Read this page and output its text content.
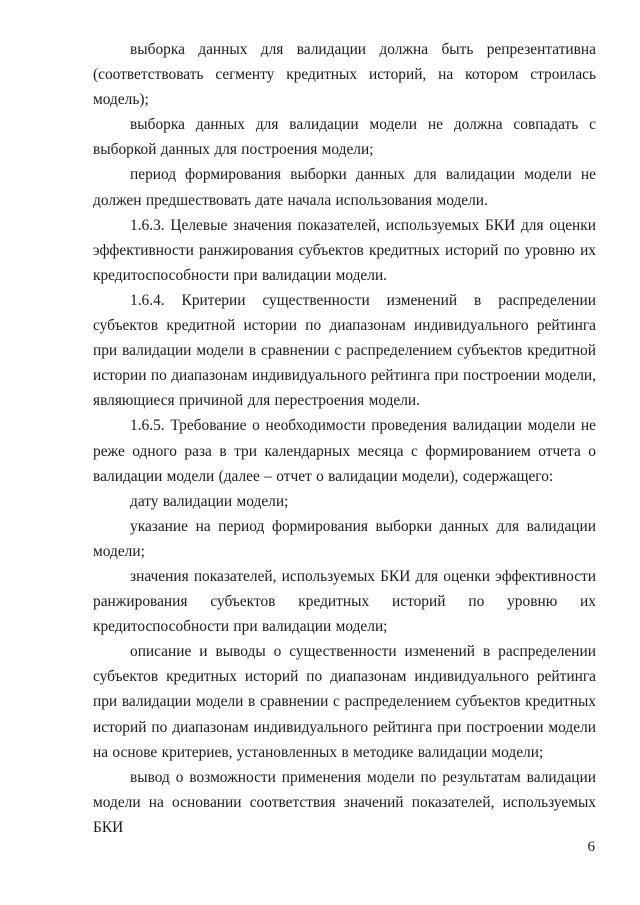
выборка данных для валидации должна быть репрезентативна (соответствовать сегменту кредитных историй, на котором строилась модель);

выборка данных для валидации модели не должна совпадать с выборкой данных для построения модели;

период формирования выборки данных для валидации модели не должен предшествовать дате начала использования модели.

1.6.3. Целевые значения показателей, используемых БКИ для оценки эффективности ранжирования субъектов кредитных историй по уровню их кредитоспособности при валидации модели.

1.6.4. Критерии существенности изменений в распределении субъектов кредитной истории по диапазонам индивидуального рейтинга при валидации модели в сравнении с распределением субъектов кредитной истории по диапазонам индивидуального рейтинга при построении модели, являющиеся причиной для перестроения модели.

1.6.5. Требование о необходимости проведения валидации модели не реже одного раза в три календарных месяца с формированием отчета о валидации модели (далее – отчет о валидации модели), содержащего:

дату валидации модели;

указание на период формирования выборки данных для валидации модели;

значения показателей, используемых БКИ для оценки эффективности ранжирования субъектов кредитных историй по уровню их кредитоспособности при валидации модели;

описание и выводы о существенности изменений в распределении субъектов кредитных историй по диапазонам индивидуального рейтинга при валидации модели в сравнении с распределением субъектов кредитных историй по диапазонам индивидуального рейтинга при построении модели на основе критериев, установленных в методике валидации модели;

вывод о возможности применения модели по результатам валидации модели на основании соответствия значений показателей, используемых БКИ

6
